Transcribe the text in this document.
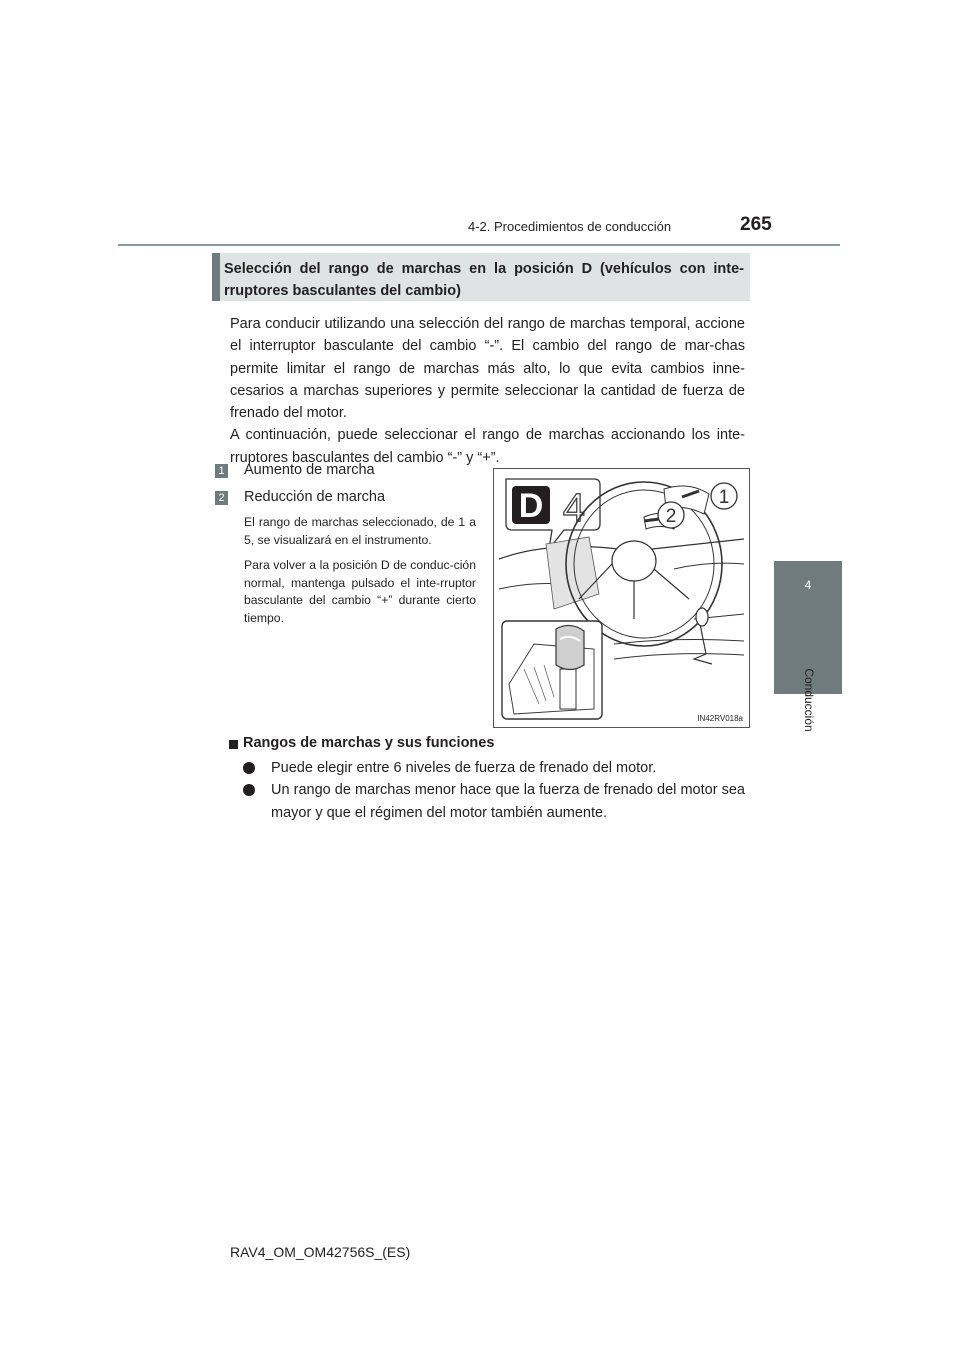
4-2. Procedimientos de conducción	265
4
Conducción
Selección del rango de marchas en la posición D (vehículos con inte-rruptores basculantes del cambio)

Para conducir utilizando una selección del rango de marchas temporal, accione el interruptor basculante del cambio “-”. El cambio del rango de mar-chas permite limitar el rango de marchas más alto, lo que evita cambios inne-cesarios a marchas superiores y permite seleccionar la cantidad de fuerza de frenado del motor.

A continuación, puede seleccionar el rango de marchas accionando los inte-rruptores basculantes del cambio “-” y “+”.

1 Aumento de marcha
2 Reducción de marcha

El rango de marchas seleccionado, de 1 a 5, se visualizará en el instrumento.

Para volver a la posición D de conduc-ción normal, mantenga pulsado el inte-rruptor basculante del cambio “+” durante cierto tiempo.

D 4	1
2
IN42RV018a
Rangos de marchas y sus funciones

Puede elegir entre 6 niveles de fuerza de frenado del motor.

Un rango de marchas menor hace que la fuerza de frenado del motor sea mayor y que el régimen del motor también aumente.

RAV4_OM_OM42756S_(ES)
